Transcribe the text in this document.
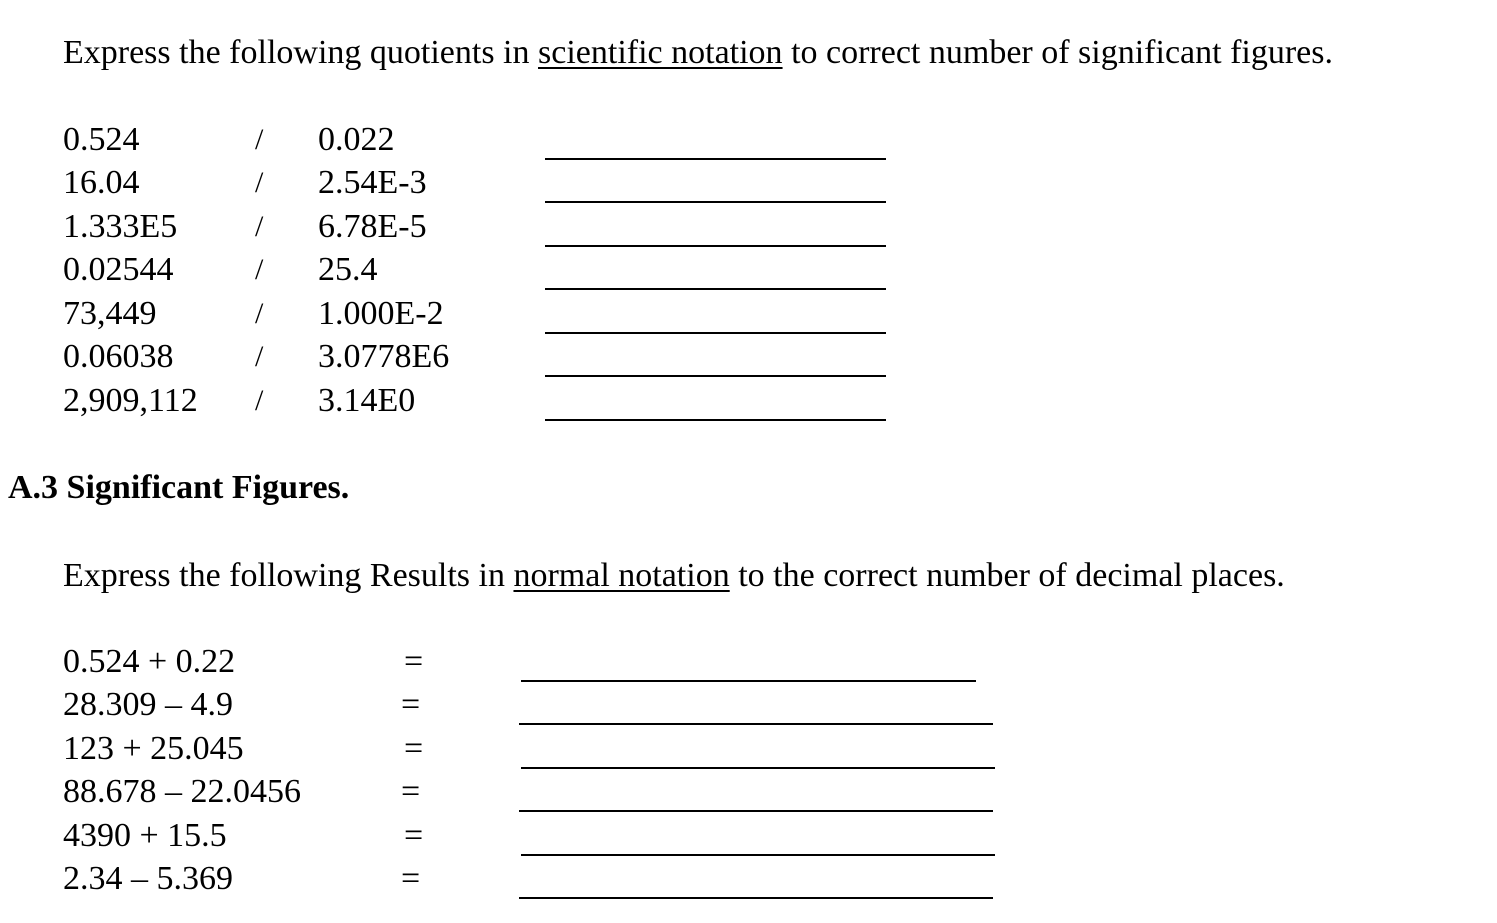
Express the following quotients in scientific notation to correct number of significant figures.
0.524	/ 0.022
16.04	/ 2.54E-3
1.333E5	/ 6.78E-5
0.02544	/ 25.4
73,449	/ 1.000E-2
0.06038	/ 3.0778E6
2,909,112 / 3.14E0
A.3 Significant Figures.
Express the following Results in normal notation to the correct number of decimal places.
0.524 + 0.22	=
28.309 – 4.9	=
123 + 25.045	=
88.678 – 22.0456	=
4390 + 15.5	=
2.34 – 5.369	=
